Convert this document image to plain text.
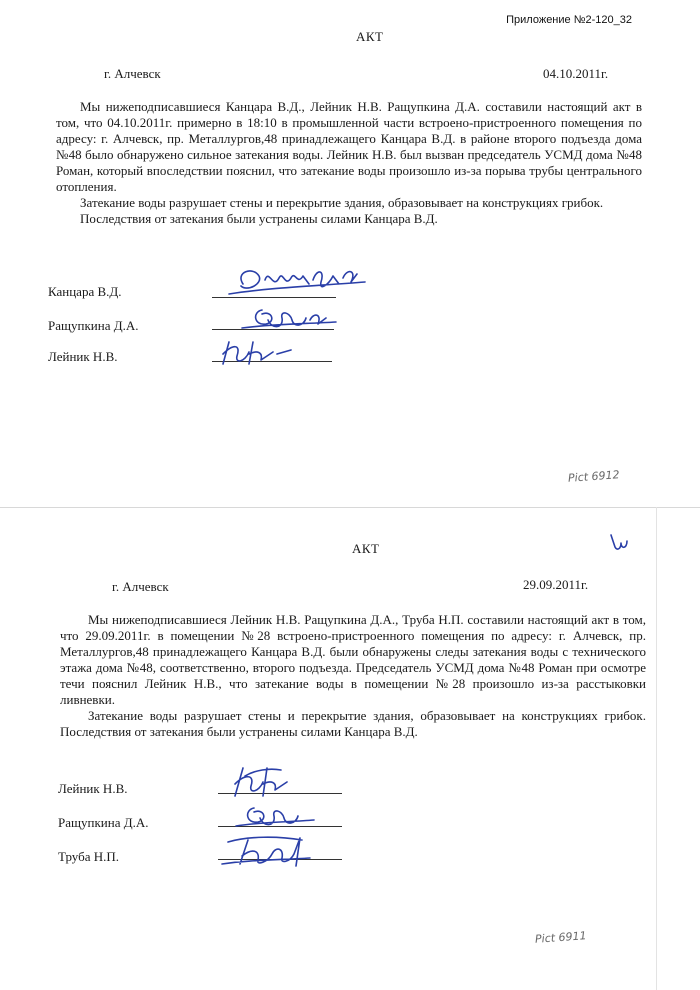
Приложение №2-120_32
АКТ
г. Алчевск	04.10.2011г.

Мы нижеподписавшиеся Канцара В.Д., Лейник Н.В. Ращупкина Д.А. составили настоящий акт в том, что 04.10.2011г. примерно в 18:10 в промышленной части встроено-пристроенного помещения по адресу: г. Алчевск, пр. Металлургов,48 принадлежащего Канцара В.Д. в районе второго подъезда дома №48 было обнаружено сильное затекания воды. Лейник Н.В. был вызван председатель УСМД дома №48 Роман, который впоследствии пояснил, что затекание воды произошло из-за порыва трубы центрального отопления.

Затекание воды разрушает стены и перекрытие здания, образовывает на конструкциях грибок.

Последствия от затекания были устранены силами Канцара В.Д.

Канцара В.Д.
Ращупкина Д.А.
Лейник Н.В.
Pict 6912
АКТ
г. Алчевск	29.09.2011г.

Мы нижеподписавшиеся Лейник Н.В. Ращупкина Д.А., Труба Н.П. составили настоящий акт в том, что 29.09.2011г. в помещении №28 встроено-пристроенного помещения по адресу: г. Алчевск, пр. Металлургов,48 принадлежащего Канцара В.Д. были обнаружены следы затекания воды с технического этажа дома №48, соответственно, второго подъезда. Председатель УСМД дома №48 Роман при осмотре течи пояснил Лейник Н.В., что затекание воды в помещении №28 произошло из-за расстыковки ливневки.

Затекание воды разрушает стены и перекрытие здания, образовывает на конструкциях грибок. Последствия от затекания были устранены силами Канцара В.Д.

Лейник Н.В.
Ращупкина Д.А.
Труба Н.П.
Pict 6911
